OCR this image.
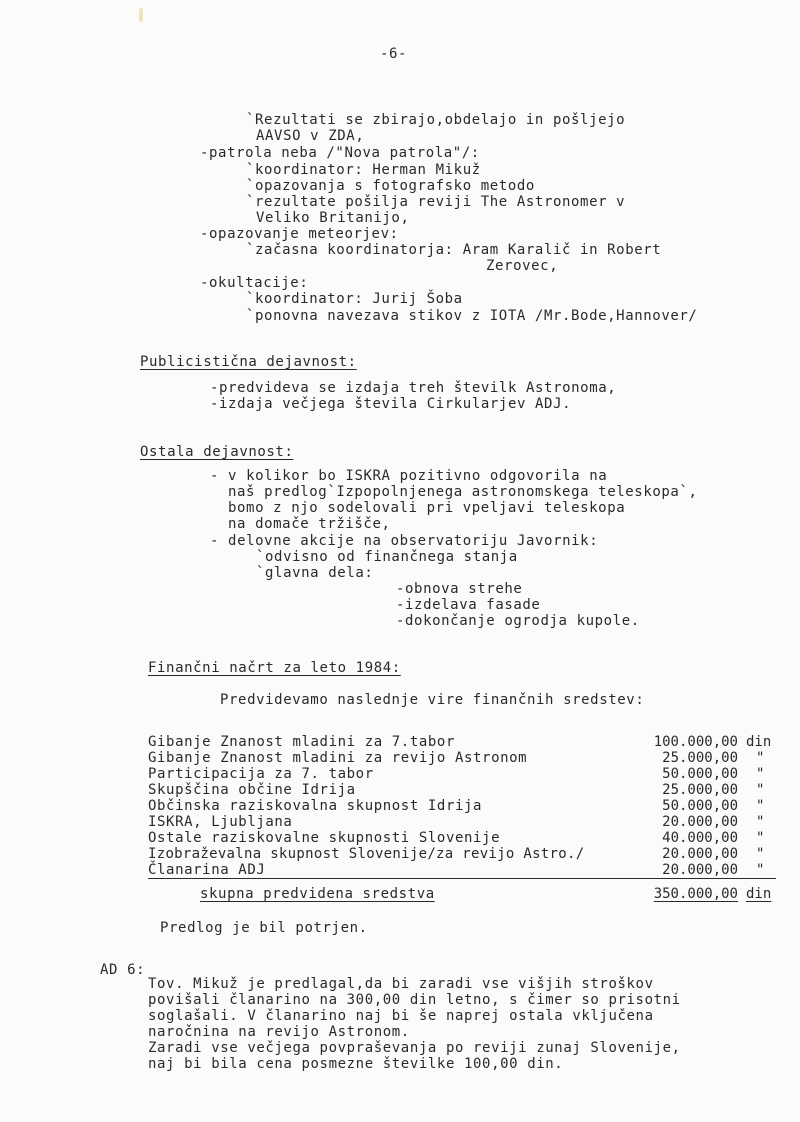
-6-
`Rezultati se zbirajo,obdelajo in pošljejo
AAVSO v ZDA,
-patrola neba /"Nova patrola"/:
`koordinator: Herman Mikuž
`opazovanja s fotografsko metodo
`rezultate pošilja reviji The Astronomer v
Veliko Britanijo,
-opazovanje meteorjev:
`začasna koordinatorja: Aram Karalič in Robert
Zerovec,
-okultacije:
`koordinator: Jurij Šoba
`ponovna navezava stikov z IOTA /Mr.Bode,Hannover/
Publicistična dejavnost:
-predvideva se izdaja treh številk Astronoma,
-izdaja večjega števila Cirkularjev ADJ.
Ostala dejavnost:
- v kolikor bo ISKRA pozitivno odgovorila na
naš predlog`Izpopolnjenega astronomskega teleskopa`,
bomo z njo sodelovali pri vpeljavi teleskopa
na domače tržišče,
- delovne akcije na observatoriju Javornik:
`odvisno od finančnega stanja
`glavna dela:
-obnova strehe
-izdelava fasade
-dokončanje ogrodja kupole.
Finančni načrt za leto 1984:
Predvidevamo naslednje vire finančnih sredstev:
Gibanje Znanost mladini za 7.tabor	100.000,00 din
Gibanje Znanost mladini za revijo Astronom	25.000,00 "
Participacija za 7. tabor	50.000,00 "
Skupščina občine Idrija	25.000,00 "
Občinska raziskovalna skupnost Idrija	50.000,00 "
ISKRA, Ljubljana	20.000,00 "
Ostale raziskovalne skupnosti Slovenije	40.000,00 "
Izobraževalna skupnost Slovenije/za revijo Astro./	20.000,00 "
Članarina ADJ	20.000,00 "
skupna predvidena sredstva	350.000,00 din
Predlog je bil potrjen.
AD 6:
Tov. Mikuž je predlagal,da bi zaradi vse višjih stroškov
povišali članarino na 300,00 din letno, s čimer so prisotni
soglašali. V članarino naj bi še naprej ostala vključena
naročnina na revijo Astronom.
Zaradi vse večjega povpraševanja po reviji zunaj Slovenije,
naj bi bila cena posmezne številke 100,00 din.
